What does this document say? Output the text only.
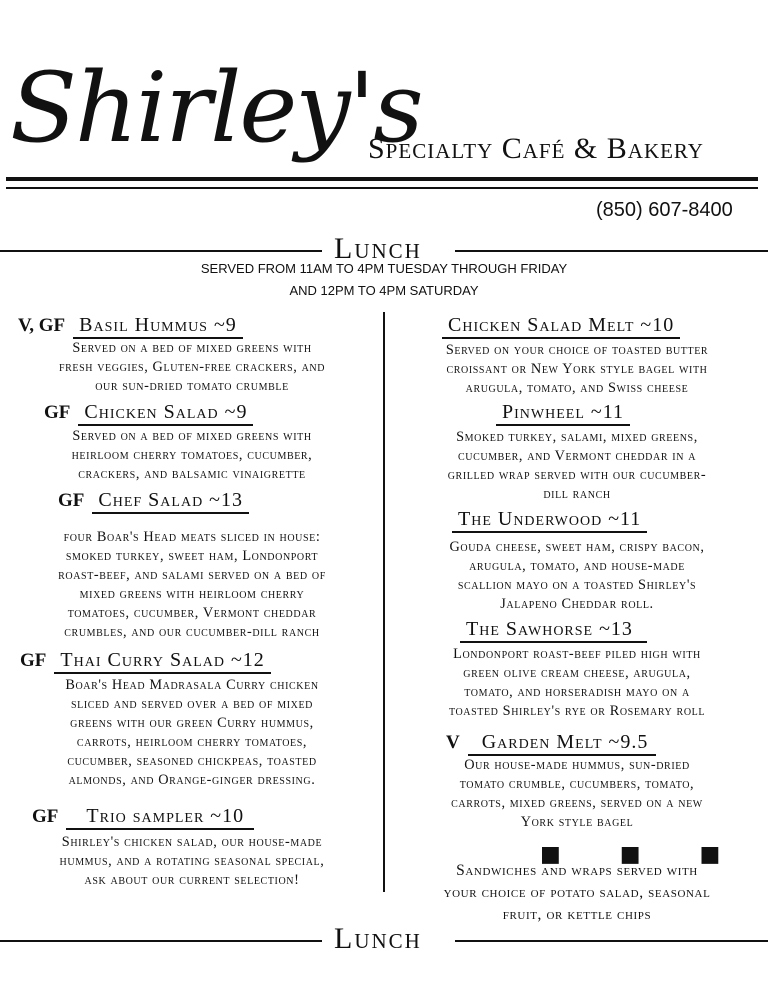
Shirley's
Specialty Café & Bakery
(850) 607-8400
Lunch
SERVED FROM 11AM TO 4PM TUESDAY THROUGH FRIDAY
AND 12PM TO 4PM SATURDAY
V, GF Basil Hummus ~9
Served on a bed of mixed greens with
fresh veggies, Gluten-free crackers, and
our sun-dried tomato crumble
GF Chicken Salad ~9
Served on a bed of mixed greens with
heirloom cherry tomatoes, cucumber,
crackers, and balsamic vinaigrette
GF Chef Salad ~13
four Boar's Head meats sliced in house:
smoked turkey, sweet ham, Londonport
roast-beef, and salami served on a bed of
mixed greens with heirloom cherry
tomatoes, cucumber, Vermont cheddar
crumbles, and our cucumber-dill ranch
GF Thai Curry Salad ~12
Boar's Head Madrasala Curry chicken
sliced and served over a bed of mixed
greens with our green Curry hummus,
carrots, heirloom cherry tomatoes,
cucumber, seasoned chickpeas, toasted
almonds, and Orange-ginger dressing.
GF Trio sampler ~10
Shirley's chicken salad, our house-made
hummus, and a rotating seasonal special,
ask about our current selection!
Chicken Salad Melt ~10
Served on your choice of toasted butter
croissant or New York style bagel with
arugula, tomato, and Swiss cheese
Pinwheel ~11
Smoked turkey, salami, mixed greens,
cucumber, and Vermont cheddar in a
grilled wrap served with our cucumber-
dill ranch
The Underwood ~11
Gouda cheese, sweet ham, crispy bacon,
arugula, tomato, and house-made
scallion mayo on a toasted Shirley's
Jalapeno Cheddar roll.
The Sawhorse ~13
Londonport roast-beef piled high with
green olive cream cheese, arugula,
tomato, and horseradish mayo on a
toasted Shirley's rye or Rosemary roll
V Garden Melt ~9.5
Our house-made hummus, sun-dried
tomato crumble, cucumbers, tomato,
carrots, mixed greens, served on a new
York style bagel
■ ■ ■
Sandwiches and wraps served with
your choice of potato salad, seasonal
fruit, or kettle chips
Lunch
